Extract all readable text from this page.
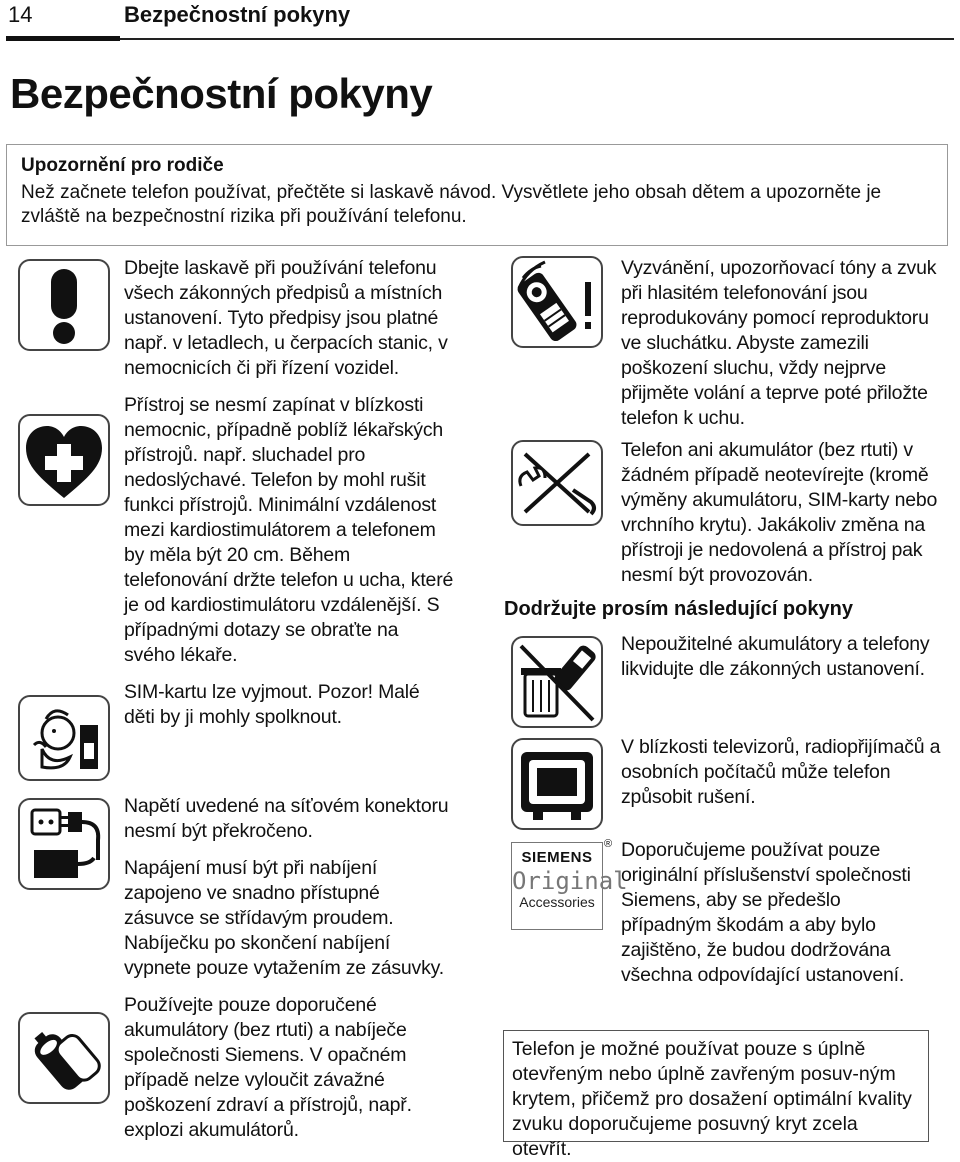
14	Bezpečnostní pokyny
Bezpečnostní pokyny
Upozornění pro rodiče

Než začnete telefon používat, přečtěte si laskavě návod. Vysvětlete jeho obsah dětem a upozorněte je zvláště na bezpečnostní rizika při používání telefonu.

Dbejte laskavě při používání telefonu všech zákonných předpisů a místních ustanovení. Tyto předpisy jsou platné např. v letadlech, u čerpacích stanic, v nemocnicích či při řízení vozidel.

Přístroj se nesmí zapínat v blízkosti nemocnic, případně poblíž lékařských přístrojů. např. sluchadel pro nedoslýchavé. Telefon by mohl rušit funkci přístrojů. Minimální vzdálenost mezi kardiostimulátorem a telefonem by měla být 20 cm. Během telefonování držte telefon u ucha, které je od kardiostimulátoru vzdálenější. S případnými dotazy se obraťte na svého lékaře.

SIM-kartu lze vyjmout. Pozor! Malé děti by ji mohly spolknout.

Napětí uvedené na síťovém konektoru nesmí být překročeno.

Napájení musí být při nabíjení zapojeno ve snadno přístupné zásuvce se střídavým proudem. Nabíječku po skončení nabíjení vypnete pouze vytažením ze zásuvky.

Používejte pouze doporučené akumulátory (bez rtuti) a nabíječe společnosti Siemens. V opačném případě nelze vyloučit závažné poškození zdraví a přístrojů, např. explozi akumulátorů.

SIEMENS
Original
Accessories
®
Vyzvánění, upozorňovací tóny a zvuk při hlasitém telefonování jsou reprodukovány pomocí reproduktoru ve sluchátku. Abyste zamezili poškození sluchu, vždy nejprve přijměte volání a teprve poté přiložte telefon k uchu.
Telefon ani akumulátor (bez rtuti) v žádném případě neotevírejte (kromě výměny akumulátoru, SIM-karty nebo vrchního krytu). Jakákoliv změna na přístroji je nedovolená a přístroj pak nesmí být provozován.
Dodržujte prosím následující pokyny
Nepoužitelné akumulátory a telefony likvidujte dle zákonných ustanovení.
V blízkosti televizorů, radiopřijímačů a osobních počítačů může telefon způsobit rušení.
Doporučujeme používat pouze originální příslušenství společnosti Siemens, aby se předešlo případným škodám a aby bylo zajištěno, že budou dodržována všechna odpovídající ustanovení.
Telefon je možné používat pouze s úplně otevřeným nebo úplně zavřeným posuv-ným krytem, přičemž pro dosažení optimální kvality zvuku doporučujeme posuvný kryt zcela otevřít.
